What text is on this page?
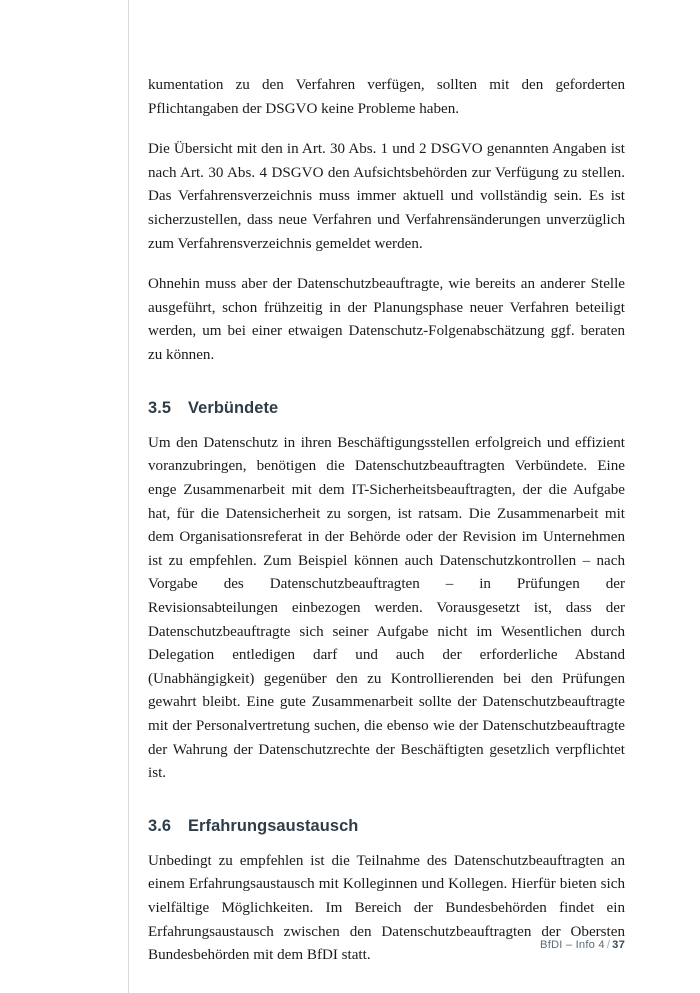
kumentation zu den Verfahren verfügen, sollten mit den geforderten Pflichtangaben der DSGVO keine Probleme haben.

Die Übersicht mit den in Art. 30 Abs. 1 und 2 DSGVO genannten Angaben ist nach Art. 30 Abs. 4 DSGVO den Aufsichtsbehörden zur Verfügung zu stellen. Das Verfahrensverzeichnis muss immer aktuell und vollständig sein. Es ist sicherzustellen, dass neue Verfahren und Verfahrensänderungen unverzüglich zum Verfahrensverzeichnis gemeldet werden.

Ohnehin muss aber der Datenschutzbeauftragte, wie bereits an anderer Stelle ausgeführt, schon frühzeitig in der Planungsphase neuer Verfahren beteiligt werden, um bei einer etwaigen Datenschutz-Folgenabschätzung ggf. beraten zu können.

3.5 Verbündete

Um den Datenschutz in ihren Beschäftigungsstellen erfolgreich und effizient voranzubringen, benötigen die Datenschutzbeauftragten Verbündete. Eine enge Zusammenarbeit mit dem IT-Sicherheitsbeauftragten, der die Aufgabe hat, für die Datensicherheit zu sorgen, ist ratsam. Die Zusammenarbeit mit dem Organisationsreferat in der Behörde oder der Revision im Unternehmen ist zu empfehlen. Zum Beispiel können auch Datenschutzkontrollen – nach Vorgabe des Datenschutzbeauftragten – in Prüfungen der Revisionsabteilungen einbezogen werden. Vorausgesetzt ist, dass der Datenschutzbeauftragte sich seiner Aufgabe nicht im Wesentlichen durch Delegation entledigen darf und auch der erforderliche Abstand (Unabhängigkeit) gegenüber den zu Kontrollierenden bei den Prüfungen gewahrt bleibt. Eine gute Zusammenarbeit sollte der Datenschutzbeauftragte mit der Personalvertretung suchen, die ebenso wie der Datenschutzbeauftragte der Wahrung der Datenschutzrechte der Beschäftigten gesetzlich verpflichtet ist.

3.6 Erfahrungsaustausch

Unbedingt zu empfehlen ist die Teilnahme des Datenschutzbeauftragten an einem Erfahrungsaustausch mit Kolleginnen und Kollegen. Hierfür bieten sich vielfältige Möglichkeiten. Im Bereich der Bundesbehörden findet ein Erfahrungsaustausch zwischen den Datenschutzbeauftragten der Obersten Bundesbehörden mit dem BfDI statt.

BfDI – Info 4 / 37
